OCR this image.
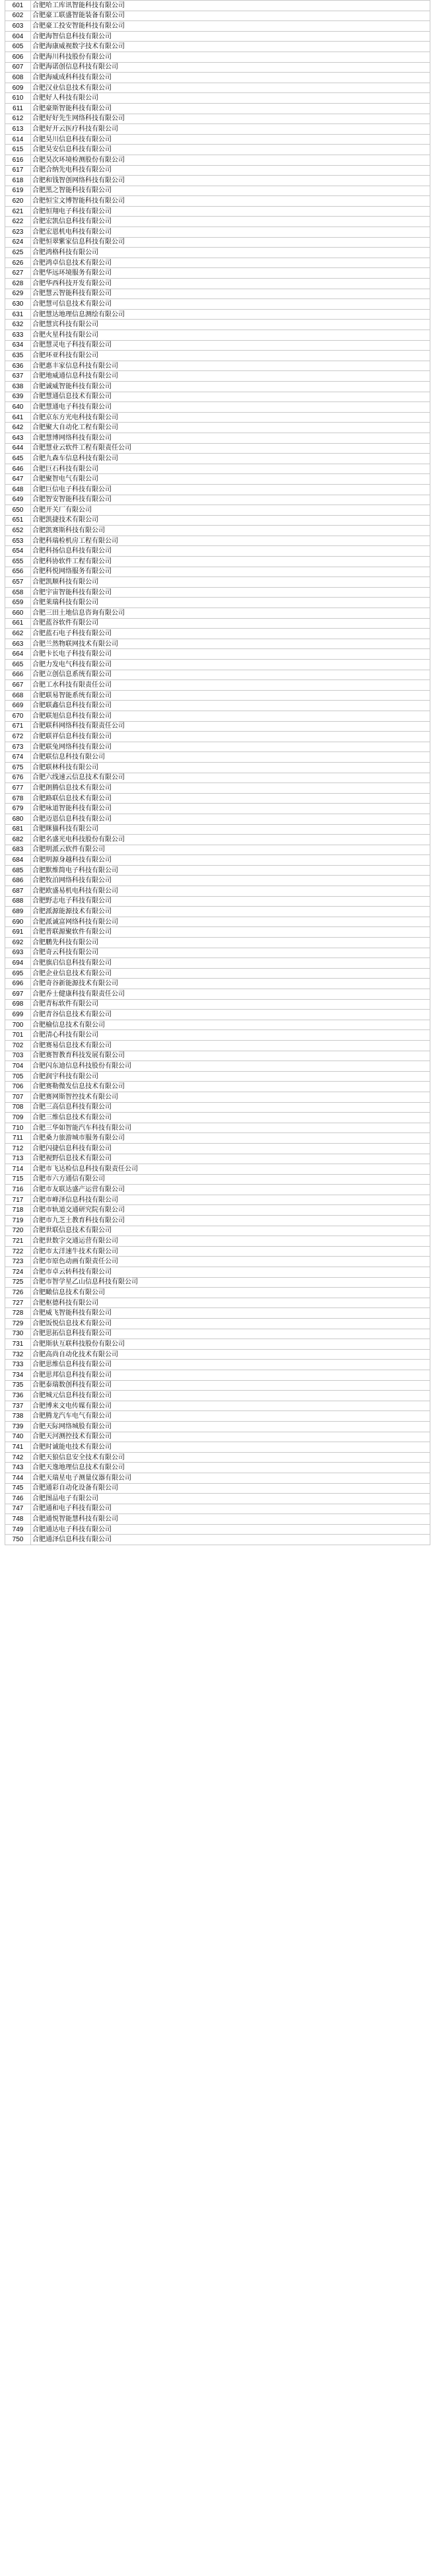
601	合肥哈工库讯智能科技有限公司
602	合肥豪工联盛智能装备有限公司
603	合肥豪工投安智能科技有限公司
604	合肥海智信息科技有限公司
605	合肥海康威视数字技术有限公司
606	合肥海川科技股份有限公司
607	合肥海诺创信息科技有限公司
608	合肥海威成科科技有限公司
609	合肥汉业信息技术有限公司
610	合肥好人科技有限公司
611	合肥豪斯智能科技有限公司
612	合肥好好先生网络科技有限公司
613	合肥好开云医疗科技有限公司
614	合肥昊川信息科技有限公司
615	合肥昊安信息科技有限公司
616	合肥昊次环境检测股份有限公司
617	合肥合纳先电科技有限公司
618	合肥和钱智创网络科技有限公司
619	合肥黑之智能科技有限公司
620	合肥恒宝文博智能科技有限公司
621	合肥恒翔电子科技有限公司
622	合肥宏凯信息科技有限公司
623	合肥宏恩机电科技有限公司
624	合肥恒翠紫家信息科技有限公司
625	合肥鸿格科技有限公司
626	合肥鸿卓信息技术有限公司
627	合肥华远环境服务有限公司
628	合肥华西科技开发有限公司
629	合肥慧云智能科技有限公司
630	合肥慧可信息技术有限公司
631	合肥慧达地理信息测绘有限公司
632	合肥慧宾科技有限公司
633	合肥火星科技有限公司
634	合肥慧灵电子科技有限公司
635	合肥环亚科技有限公司
636	合肥惠丰家信息科技有限公司
637	合肥地威通信息科技有限公司
638	合肥诚威智能科技有限公司
639	合肥慧通信息技术有限公司
640	合肥慧通电子科技有限公司
641	合肥京东方光电科技有限公司
642	合肥聚大自动化工程有限公司
643	合肥慧博网络科技有限公司
644	合肥慧业云软件工程有限责任公司
645	合肥九森车信息科技有限公司
646	合肥巨石科技有限公司
647	合肥聚智电气有限公司
648	合肥巨信电子科技有限公司
649	合肥智安智能科技有限公司
650	合肥开关厂有限公司
651	合肥凯捷技术有限公司
652	合肥凯赛斯科技有限公司
653	合肥科瑞检机房工程有限公司
654	合肥科扬信息科技有限公司
655	合肥科协软件工程有限公司
656	合肥科悦网络服务有限公司
657	合肥凯顺科技有限公司
658	合肥宇宙智能科技有限公司
659	合肥莱瑞科技有限公司
660	合肥三田土地信息咨询有限公司
661	合肥蓝谷软件有限公司
662	合肥蓝石电子科技有限公司
663	合肥兰然物联网技术有限公司
664	合肥卡长电子科技有限公司
665	合肥力发电气科技有限公司
666	合肥立创信息系统有限公司
667	合肥工水科技有限责任公司
668	合肥联易智能系统有限公司
669	合肥联鑫信息科技有限公司
670	合肥联旭信息科技有限公司
671	合肥联科网络科技有限责任公司
672	合肥联祥信息科技有限公司
673	合肥联兔网络科技有限公司
674	合肥联信息科技有限公司
675	合肥联林科技有限公司
676	合肥六线速云信息技术有限公司
677	合肥朗腾信息技术有限公司
678	合肥路联信息技术有限公司
679	合肥咏道智能科技有限公司
680	合肥迈恩信息科技有限公司
681	合肥眯猫科技有限公司
682	合肥名盛光电科技股份有限公司
683	合肥明派云软件有限公司
684	合肥明源身越科技有限公司
685	合肥默维简电子科技有限公司
686	合肥牧泊网络科技有限公司
687	合肥欧盛易机电科技有限公司
688	合肥野志电子科技有限公司
689	合肥派源能源技术有限公司
690	合肥派诚富网络科技有限公司
691	合肥普联源聚软件有限公司
692	合肥鹏先科技有限公司
693	合肥奇云科技有限公司
694	合肥旗启信息科技有限公司
695	合肥企业信息技术有限公司
696	合肥奇谷新能源技术有限公司
697	合肥乔士健康科技有限责任公司
698	合肥青标软件有限公司
699	合肥青谷信息技术有限公司
700	合肥榆信息技术有限公司
701	合肥清心科技有限公司
702	合肥赛易信息技术有限公司
703	合肥赛智教育科技发展有限公司
704	合肥闪东迪信息科技股份有限公司
705	合肥润宇科技有限公司
706	合肥赛勒微发信息技术有限公司
707	合肥赛网斯智控技术有限公司
708	合肥三高信息科技有限公司
709	合肥三维信息技术有限公司
710	合肥三华如智能汽车科技有限公司
711	合肥桑力旅游城市服务有限公司
712	合肥闪捷信息科技有限公司
713	合肥视野信息技术有限公司
714	合肥市飞达检信息科技有限责任公司
715	合肥市六方通信有限公司
716	合肥市友联达盛产运营有限公司
717	合肥市峰泽信息科技有限公司
718	合肥市轨道交通研究院有限公司
719	合肥市九芝土教育科技有限公司
720	合肥世联信息技术有限公司
721	合肥世数字交通运营有限公司
722	合肥市太洋速牛技术有限公司
723	合肥市原色动画有限责任公司
724	合肥市卓云转科技有限公司
725	合肥市智学星乙山信息科技有限公司
726	合肥瞰信息技术有限公司
727	合肥枢德科技有限公司
728	合肥威飞智能科技有限公司
729	合肥饭悦信息技术有限公司
730	合肥思拓信息科技有限公司
731	合肥斯驮互联科技股份有限公司
732	合肥高尚自动化技术有限公司
733	合肥思维信息科技有限公司
734	合肥思邦信息科技有限公司
735	合肥泰瑞数创科技有限公司
736	合肥城元信息科技有限公司
737	合肥博来文电传媒有限公司
738	合肥腾龙汽车电气有限公司
739	合肥天际网络城股有限公司
740	合肥天河测控技术有限公司
741	合肥时诚能电技术有限公司
742	合肥天狼信息安全技术有限公司
743	合肥天逸地理信息技术有限公司
744	合肥天瑞星电子测量仪器有限公司
745	合肥通彩自动化设备有限公司
746	合肥图品电子有限公司
747	合肥通和电子科技有限公司
748	合肥通悦智能慧科技有限公司
749	合肥通达电子科技有限公司
750	合肥通泽信息科技有限公司
